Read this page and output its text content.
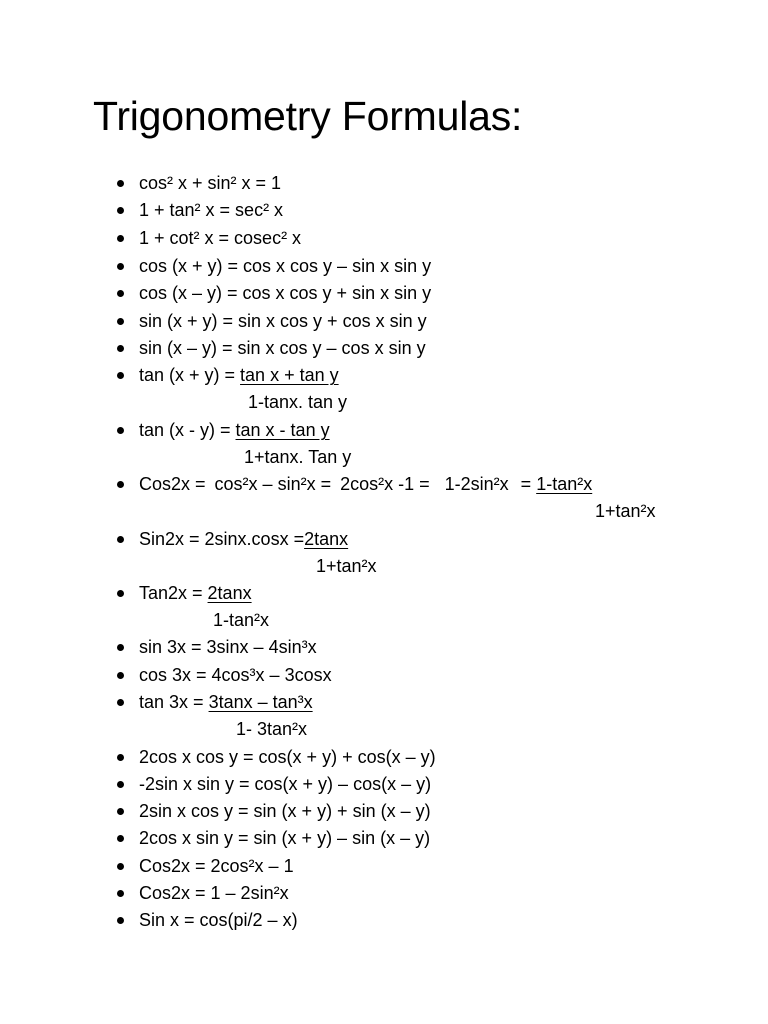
Trigonometry Formulas:
cos² x + sin² x = 1
1 + tan² x = sec² x
1 + cot² x = cosec² x
cos (x + y) = cos x cos y – sin x sin y
cos (x – y) = cos x cos y + sin x sin y
sin (x + y) = sin x cos y + cos x sin y
sin (x – y) = sin x cos y – cos x sin y
tan (x + y) = tan x + tan y
1-tanx. tan y
tan (x - y) = tan x - tan y
1+tanx. Tan y
Cos2x = cos²x – sin²x = 2cos²x -1 = 1-2sin²x = 1-tan²x
1+tan²x
Sin2x = 2sinx.cosx =2tanx
1+tan²x
Tan2x = 2tanx
1-tan²x
sin 3x = 3sinx – 4sin³x
cos 3x = 4cos³x – 3cosx
tan 3x = 3tanx – tan³x
1- 3tan²x
2cos x cos y = cos(x + y) + cos(x – y)
-2sin x sin y = cos(x + y) – cos(x – y)
2sin x cos y = sin (x + y) + sin (x – y)
2cos x sin y = sin (x + y) – sin (x – y)
Cos2x = 2cos²x – 1
Cos2x = 1 – 2sin²x
Sin x = cos(pi/2 – x)
